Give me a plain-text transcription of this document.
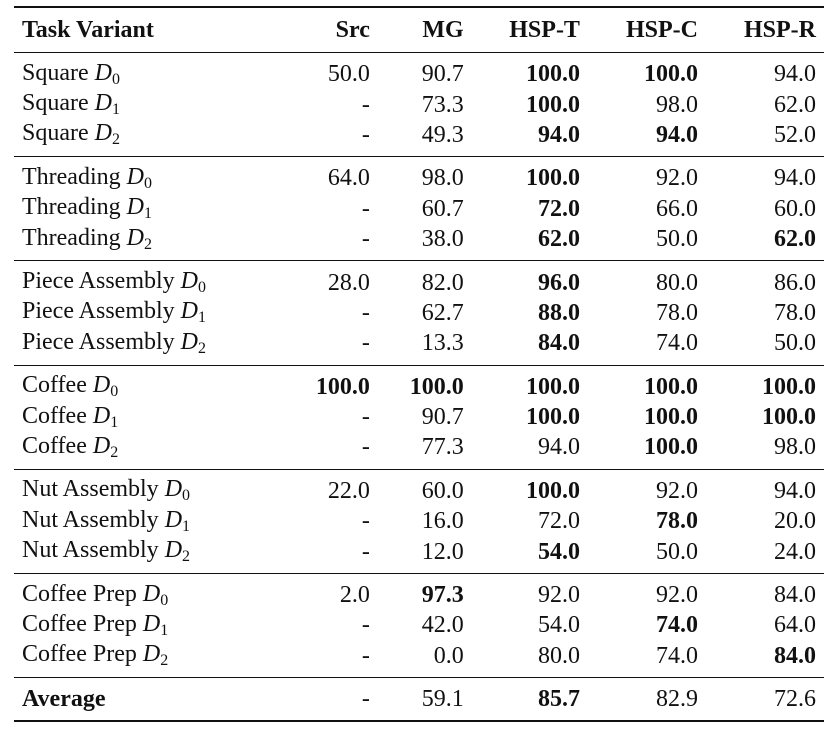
Task Variant	Src	MG	HSP-T	HSP-C	HSP-R
Square $D_0$	50.0	90.7	100.0	100.0	94.0
Square $D_1$	-	73.3	100.0	98.0	62.0
Square $D_2$	-	49.3	94.0	94.0	52.0
Threading $D_0$	64.0	98.0	100.0	92.0	94.0
Threading $D_1$	-	60.7	72.0	66.0	60.0
Threading $D_2$	-	38.0	62.0	50.0	62.0
Piece Assembly $D_0$	28.0	82.0	96.0	80.0	86.0
Piece Assembly $D_1$	-	62.7	88.0	78.0	78.0
Piece Assembly $D_2$	-	13.3	84.0	74.0	50.0
Coffee $D_0$	100.0	100.0	100.0	100.0	100.0
Coffee $D_1$	-	90.7	100.0	100.0	100.0
Coffee $D_2$	-	77.3	94.0	100.0	98.0
Nut Assembly $D_0$	22.0	60.0	100.0	92.0	94.0
Nut Assembly $D_1$	-	16.0	72.0	78.0	20.0
Nut Assembly $D_2$	-	12.0	54.0	50.0	24.0
Coffee Prep $D_0$	2.0	97.3	92.0	92.0	84.0
Coffee Prep $D_1$	-	42.0	54.0	74.0	64.0
Coffee Prep $D_2$	-	0.0	80.0	74.0	84.0
Average	-	59.1	85.7	82.9	72.6
